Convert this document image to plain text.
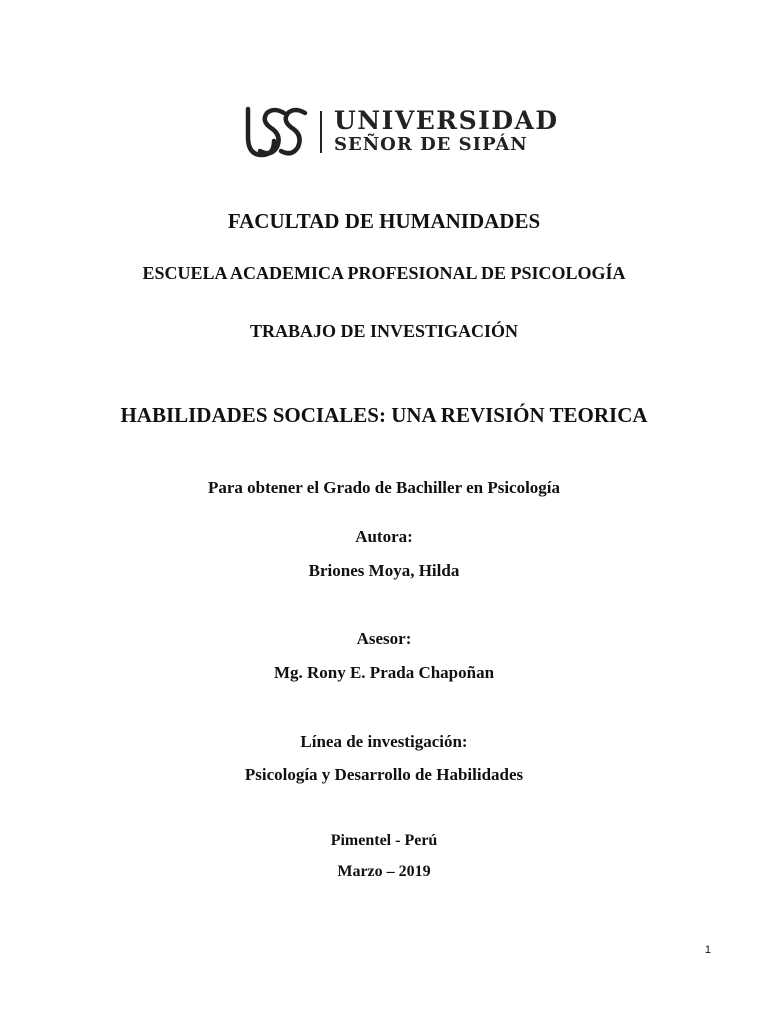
UNIVERSIDAD
SEÑOR DE SIPÁN
FACULTAD DE HUMANIDADES
ESCUELA ACADEMICA PROFESIONAL DE PSICOLOGÍA
TRABAJO DE INVESTIGACIÓN
HABILIDADES SOCIALES: UNA REVISIÓN TEORICA
Para obtener el Grado de Bachiller en Psicología
Autora:
Briones Moya, Hilda
Asesor:
Mg. Rony E. Prada Chapoñan
Línea de investigación:
Psicología y Desarrollo de Habilidades
Pimentel - Perú
Marzo – 2019
1
